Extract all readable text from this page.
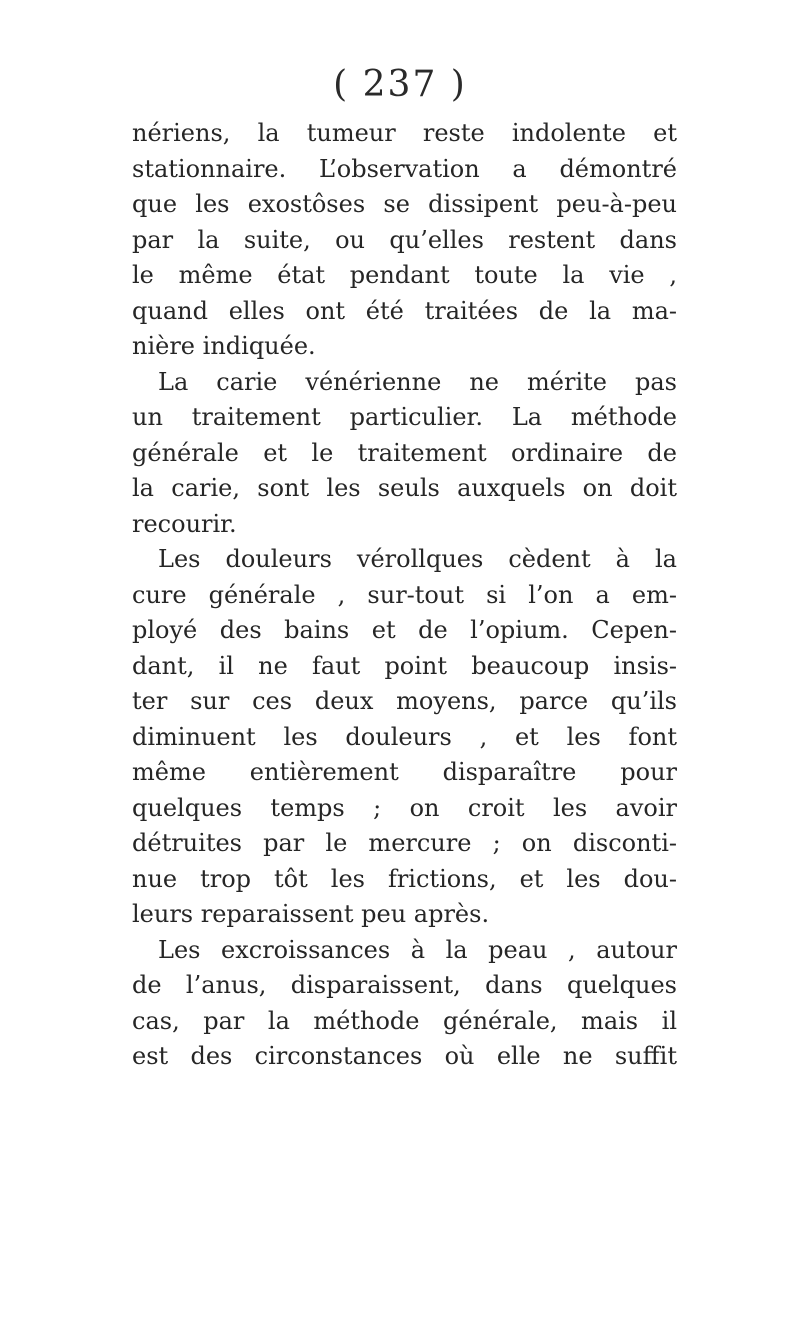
( 237 )
nériens, la tumeur reste indolente et
stationnaire. L’observation a démontré
que les exostôses se dissipent peu-à-peu
par la suite, ou qu’elles restent dans
le même état pendant toute la vie ,
quand elles ont été traitées de la ma-
nière indiquée.
La carie vénérienne ne mérite pas
un traitement particulier. La méthode
générale et le traitement ordinaire de
la carie, sont les seuls auxquels on doit
recourir.
Les douleurs vérollques cèdent à la
cure générale , sur-tout si l’on a em-
ployé des bains et de l’opium. Cepen-
dant, il ne faut point beaucoup insis-
ter sur ces deux moyens, parce qu’ils
diminuent les douleurs , et les font
même entièrement disparaître pour
quelques temps ; on croit les avoir
détruites par le mercure ; on disconti-
nue trop tôt les frictions, et les dou-
leurs reparaissent peu après.
Les excroissances à la peau , autour
de l’anus, disparaissent, dans quelques
cas, par la méthode générale, mais il
est des circonstances où elle ne suffit
